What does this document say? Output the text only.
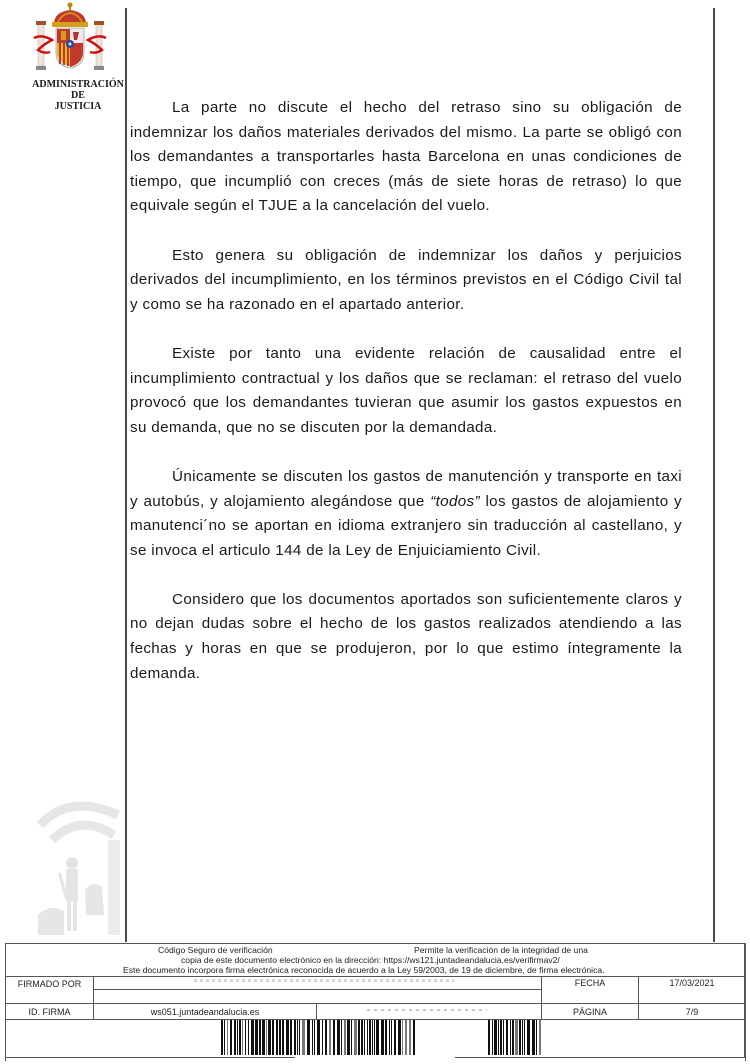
ADMINISTRACIÓN
DE
JUSTICIA	La parte no discute el hecho del retraso sino su obligación de indemnizar los daños materiales derivados del mismo. La parte se obligó con los demandantes a transportarles hasta Barcelona en unas condiciones de tiempo, que incumplió con creces (más de siete horas de retraso) lo que equivale según el TJUE a la cancelación del vuelo.

Esto genera su obligación de indemnizar los daños y perjuicios derivados del incumplimiento, en los términos previstos en el Código Civil tal y como se ha razonado en el apartado anterior.

Existe por tanto una evidente relación de causalidad entre el incumplimiento contractual y los daños que se reclaman: el retraso del vuelo provocó que los demandantes tuvieran que asumir los gastos expuestos en su demanda, que no se discuten por la demandada.

Únicamente se discuten los gastos de manutención y transporte en taxi y autobús, y alojamiento alegándose que “todos” los gastos de alojamiento y manutenci´no se aportan en idioma extranjero sin traducción al castellano, y se invoca el articulo 144 de la Ley de Enjuiciamiento Civil.

Considero que los documentos aportados son suficientemente claros y no dejan dudas sobre el hecho de los gastos realizados atendiendo a las fechas y horas en que se produjeron, por lo que estimo íntegramente la demanda.

Código Seguro de verificación	Permite la verificación de la integridad de una
copia de este documento electrónico en la dirección: https://ws121.juntadeandalucia.es/verifirmav2/
Este documento incorpora firma electrónica reconocida de acuerdo a la Ley 59/2003, de 19 de diciembre, de firma electrónica.
FIRMADO POR	FECHA	17/03/2021
ID. FIRMA	ws051.juntadeandalucia.es	PÁGINA	7/9
